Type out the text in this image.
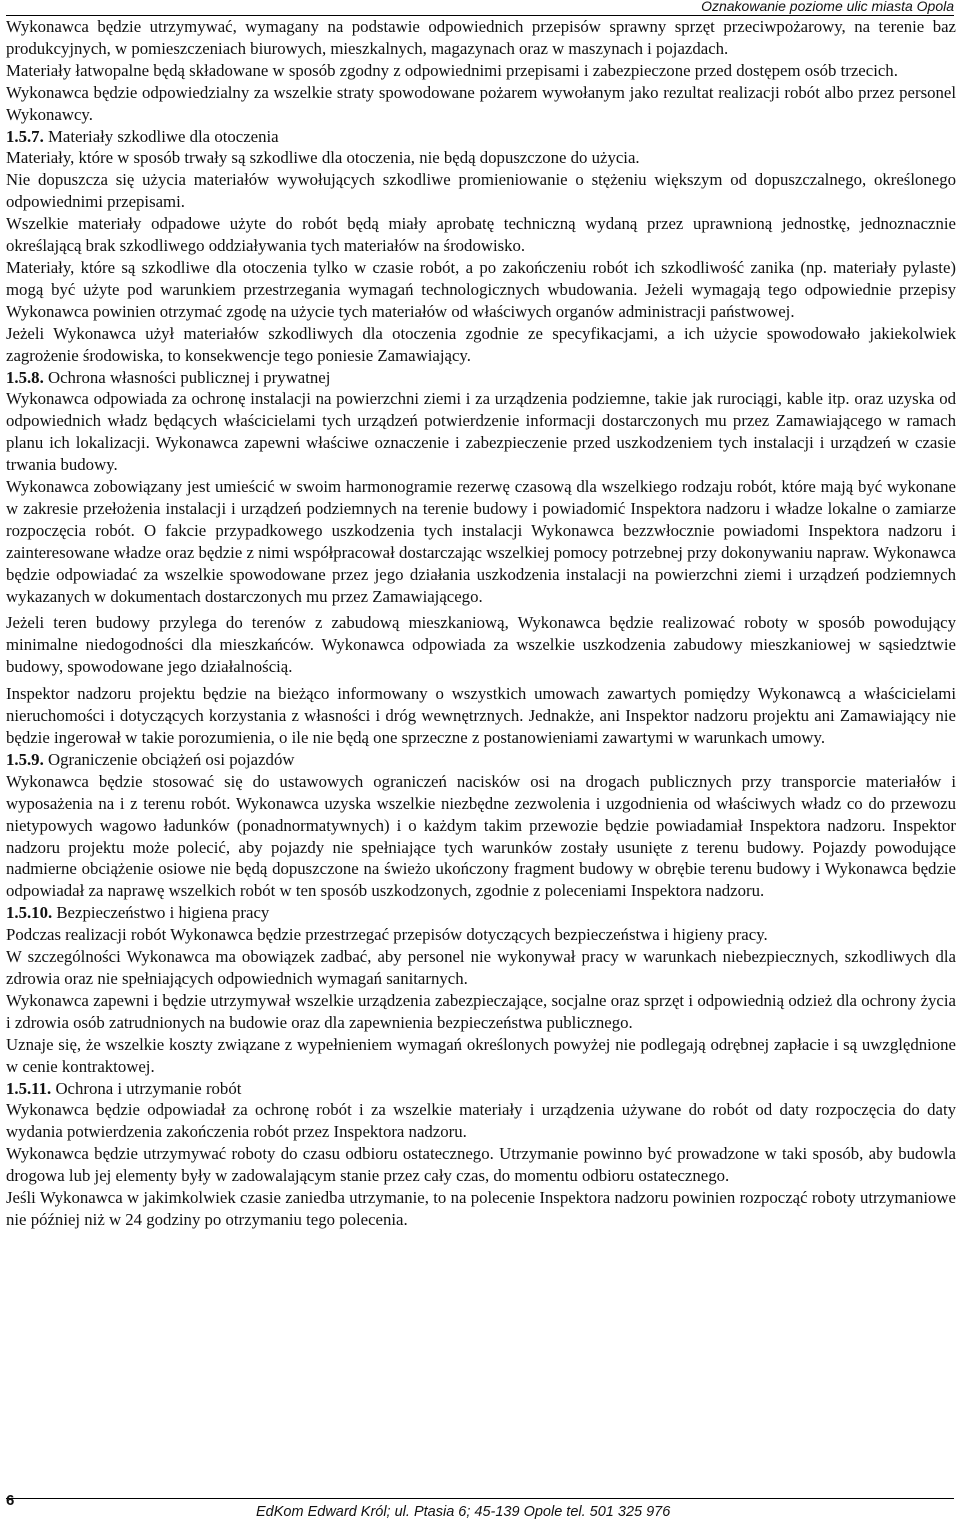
Oznakowanie poziome ulic miasta Opola

Wykonawca będzie utrzymywać, wymagany na podstawie odpowiednich przepisów sprawny sprzęt przeciwpożarowy, na terenie baz produkcyjnych, w pomieszczeniach biurowych, mieszkalnych, magazynach oraz w maszynach i pojazdach.

Materiały łatwopalne będą składowane w sposób zgodny z odpowiednimi przepisami i zabezpieczone przed dostępem osób trzecich.

Wykonawca będzie odpowiedzialny za wszelkie straty spowodowane pożarem wywołanym jako rezultat realizacji robót albo przez personel Wykonawcy.

1.5.7. Materiały szkodliwe dla otoczenia

Materiały, które w sposób trwały są szkodliwe dla otoczenia, nie będą dopuszczone do użycia.

Nie dopuszcza się użycia materiałów wywołujących szkodliwe promieniowanie o stężeniu większym od dopuszczalnego, określonego odpowiednimi przepisami.

Wszelkie materiały odpadowe użyte do robót będą miały aprobatę techniczną wydaną przez uprawnioną jednostkę, jednoznacznie określającą brak szkodliwego oddziaływania tych materiałów na środowisko.

Materiały, które są szkodliwe dla otoczenia tylko w czasie robót, a po zakończeniu robót ich szkodliwość zanika (np. materiały pylaste) mogą być użyte pod warunkiem przestrzegania wymagań technologicznych wbudowania. Jeżeli wymagają tego odpowiednie przepisy Wykonawca powinien otrzymać zgodę na użycie tych materiałów od właściwych organów administracji państwowej.

Jeżeli Wykonawca użył materiałów szkodliwych dla otoczenia zgodnie ze specyfikacjami, a ich użycie spowodowało jakiekolwiek zagrożenie środowiska, to konsekwencje tego poniesie Zamawiający.

1.5.8. Ochrona własności publicznej i prywatnej

Wykonawca odpowiada za ochronę instalacji na powierzchni ziemi i za urządzenia podziemne, takie jak rurociągi, kable itp. oraz uzyska od odpowiednich władz będących właścicielami tych urządzeń potwierdzenie informacji dostarczonych mu przez Zamawiającego w ramach planu ich lokalizacji. Wykonawca zapewni właściwe oznaczenie i zabezpieczenie przed uszkodzeniem tych instalacji i urządzeń w czasie trwania budowy.

Wykonawca zobowiązany jest umieścić w swoim harmonogramie rezerwę czasową dla wszelkiego rodzaju robót, które mają być wykonane w zakresie przełożenia instalacji i urządzeń podziemnych na terenie budowy i powiadomić Inspektora nadzoru i władze lokalne o zamiarze rozpoczęcia robót. O fakcie przypadkowego uszkodzenia tych instalacji Wykonawca bezzwłocznie powiadomi Inspektora nadzoru i zainteresowane władze oraz będzie z nimi współpracował dostarczając wszelkiej pomocy potrzebnej przy dokonywaniu napraw. Wykonawca będzie odpowiadać za wszelkie spowodowane przez jego działania uszkodzenia instalacji na powierzchni ziemi i urządzeń podziemnych wykazanych w dokumentach dostarczonych mu przez Zamawiającego.

Jeżeli teren budowy przylega do terenów z zabudową mieszkaniową, Wykonawca będzie realizować roboty w sposób powodujący minimalne niedogodności dla mieszkańców. Wykonawca odpowiada za wszelkie uszkodzenia zabudowy mieszkaniowej w sąsiedztwie budowy, spowodowane jego działalnością.

Inspektor nadzoru projektu będzie na bieżąco informowany o wszystkich umowach zawartych pomiędzy Wykonawcą a właścicielami nieruchomości i dotyczących korzystania z własności i dróg wewnętrznych. Jednakże, ani Inspektor nadzoru projektu ani Zamawiający nie będzie ingerował w takie porozumienia, o ile nie będą one sprzeczne z postanowieniami zawartymi w warunkach umowy.

1.5.9. Ograniczenie obciążeń osi pojazdów

Wykonawca będzie stosować się do ustawowych ograniczeń nacisków osi na drogach publicznych przy transporcie materiałów i wyposażenia na i z terenu robót. Wykonawca uzyska wszelkie niezbędne zezwolenia i uzgodnienia od właściwych władz co do przewozu nietypowych wagowo ładunków (ponadnormatywnych) i o każdym takim przewozie będzie powiadamiał Inspektora nadzoru. Inspektor nadzoru projektu może polecić, aby pojazdy nie spełniające tych warunków zostały usunięte z terenu budowy. Pojazdy powodujące nadmierne obciążenie osiowe nie będą dopuszczone na świeżo ukończony fragment budowy w obrębie terenu budowy i Wykonawca będzie odpowiadał za naprawę wszelkich robót w ten sposób uszkodzonych, zgodnie z poleceniami Inspektora nadzoru.

1.5.10. Bezpieczeństwo i higiena pracy

Podczas realizacji robót Wykonawca będzie przestrzegać przepisów dotyczących bezpieczeństwa i higieny pracy.

W szczególności Wykonawca ma obowiązek zadbać, aby personel nie wykonywał pracy w warunkach niebezpiecznych, szkodliwych dla zdrowia oraz nie spełniających odpowiednich wymagań sanitarnych.

Wykonawca zapewni i będzie utrzymywał wszelkie urządzenia zabezpieczające, socjalne oraz sprzęt i odpowiednią odzież dla ochrony życia i zdrowia osób zatrudnionych na budowie oraz dla zapewnienia bezpieczeństwa publicznego.

Uznaje się, że wszelkie koszty związane z wypełnieniem wymagań określonych powyżej nie podlegają odrębnej zapłacie i są uwzględnione w cenie kontraktowej.

1.5.11. Ochrona i utrzymanie robót

Wykonawca będzie odpowiadał za ochronę robót i za wszelkie materiały i urządzenia używane do robót od daty rozpoczęcia do daty wydania potwierdzenia zakończenia robót przez Inspektora nadzoru.

Wykonawca będzie utrzymywać roboty do czasu odbioru ostatecznego. Utrzymanie powinno być prowadzone w taki sposób, aby budowla drogowa lub jej elementy były w zadowalającym stanie przez cały czas, do momentu odbioru ostatecznego.

Jeśli Wykonawca w jakimkolwiek czasie zaniedba utrzymanie, to na polecenie Inspektora nadzoru powinien rozpocząć roboty utrzymaniowe nie później niż w 24 godziny po otrzymaniu tego polecenia.

6
EdKom Edward Król; ul. Ptasia 6; 45-139 Opole tel. 501 325 976
